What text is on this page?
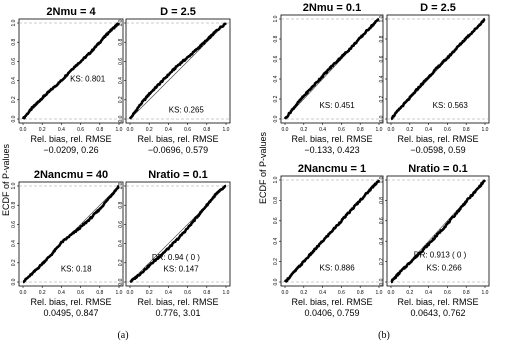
ECDF of P-values	ECDF of P-values
(a)	(b)
2Nmu = 4
0.0
0.0
0.2
0.2
0.4
0.4
0.6
0.6
0.8
0.8
1.0
1.0
KS: 0.801
Rel. bias, rel. RMSE
−0.0209, 0.26
D = 2.5
0.0
0.0
0.2
0.2
0.4
0.4
0.6
0.6
0.8
0.8
1.0
1.0
KS: 0.265
Rel. bias, rel. RMSE
−0.0696, 0.579
2Nancmu = 40
0.0
0.0
0.2
0.2
0.4
0.4
0.6
0.6
0.8
0.8
1.0
1.0
KS: 0.18
Rel. bias, rel. RMSE
0.0495, 0.847
Nratio = 0.1
0.0
0.0
0.2
0.2
0.4
0.4
0.6
0.6
0.8
0.8
1.0
1.0
KS: 0.147
DR: 0.94 ( 0 )
Rel. bias, rel. RMSE
0.776, 3.01
2Nmu = 0.1
0.0
0.0
0.2
0.2
0.4
0.4
0.6
0.6
0.8
0.8
1.0
1.0
KS: 0.451
Rel. bias, rel. RMSE
−0.133, 0.423
D = 2.5
0.0
0.0
0.2
0.2
0.4
0.4
0.6
0.6
0.8
0.8
1.0
1.0
KS: 0.563
Rel. bias, rel. RMSE
−0.0598, 0.59
2Nancmu = 1
0.0
0.0
0.2
0.2
0.4
0.4
0.6
0.6
0.8
0.8
1.0
1.0
KS: 0.886
Rel. bias, rel. RMSE
0.0406, 0.759
Nratio = 0.1
0.0
0.0
0.2
0.2
0.4
0.4
0.6
0.6
0.8
0.8
1.0
1.0
KS: 0.266
DR: 0.913 ( 0 )
Rel. bias, rel. RMSE
0.0643, 0.762
